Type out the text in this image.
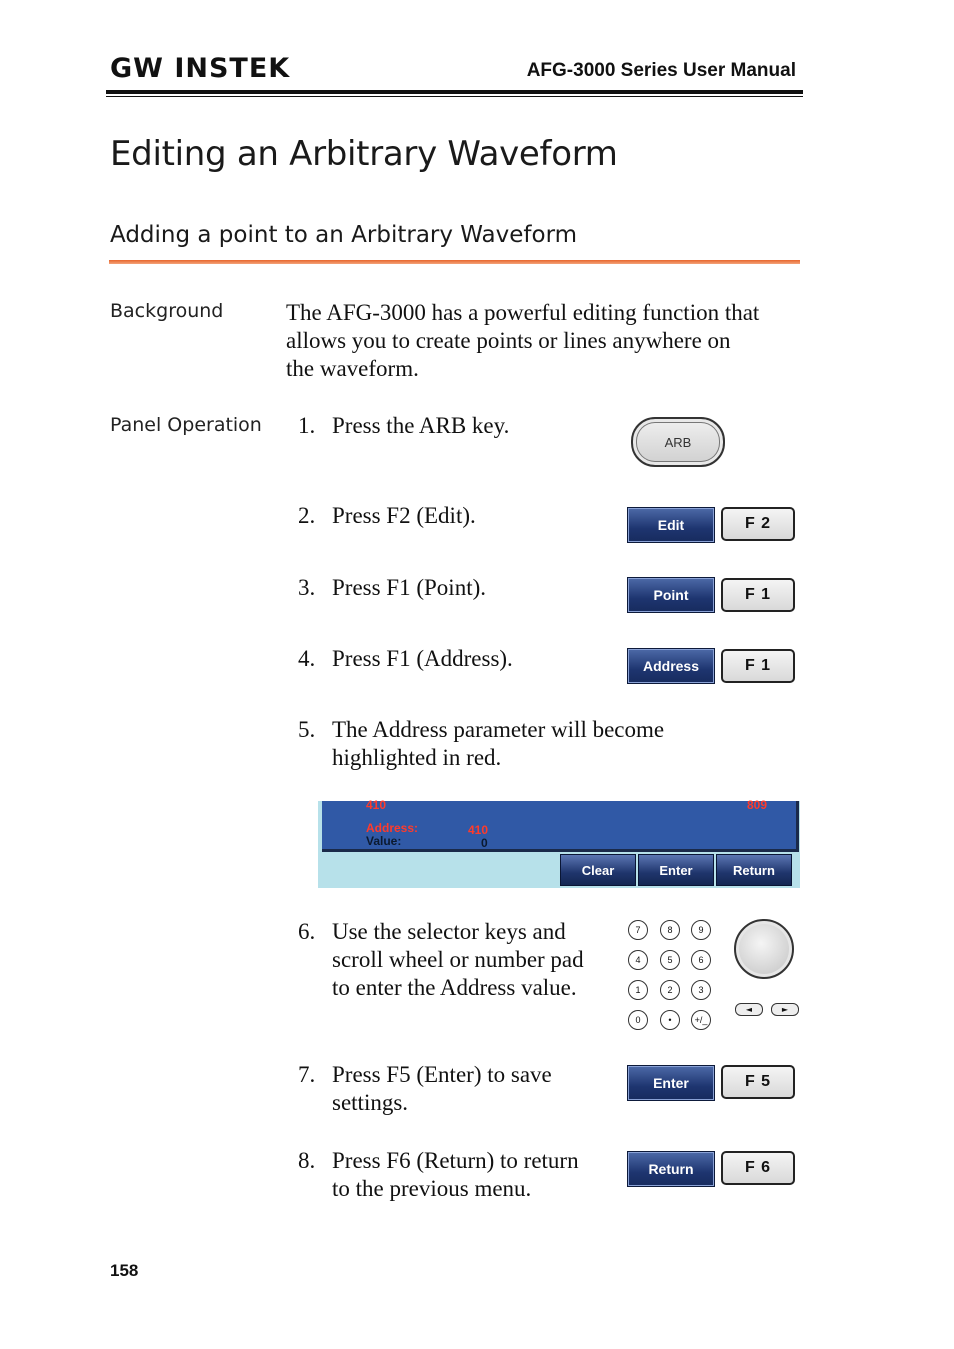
GW INSTEK	AFG-3000 Series User Manual
Editing an Arbitrary Waveform
Adding a point to an Arbitrary Waveform
Background	The AFG-3000 has a powerful editing function that
allows you to create points or lines anywhere on
the waveform.
Panel Operation 1. Press the ARB key.
ARB
2. Press F2 (Edit).	Edit	F 2
3. Press F1 (Point).	Point	F 1
4. Press F1 (Address).	Address	F 1
5. The Address parameter will become
highlighted in red.
410	809
Address:	410
Value:	0
Clear	Enter	Return
6. Use the selector keys and
scroll wheel or number pad
to enter the Address value.
7	8	9
4	5	6
1	2	3
0	•	+/_
◄	►
7. Press F5 (Enter) to save
settings.
Enter	F 5
8. Press F6 (Return) to return
to the previous menu.
Return	F 6
158
